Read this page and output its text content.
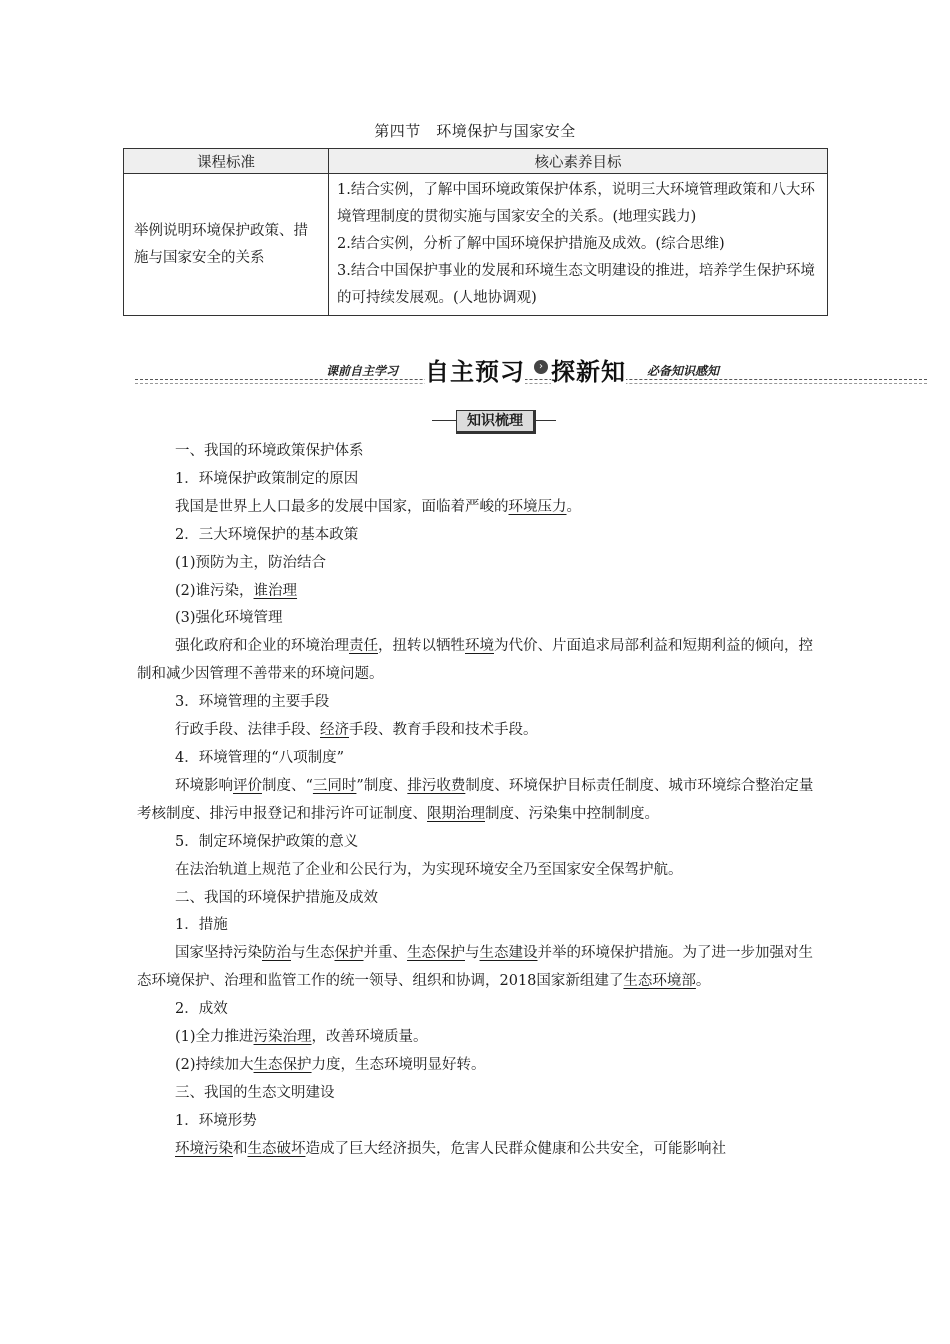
第四节　环境保护与国家安全
课程标准	核心素养目标
举例说明环境保护政策、措施与国家安全的关系	1.结合实例，了解中国环境政策保护体系，说明三大环境管理政策和八大环境管理制度的贯彻实施与国家安全的关系。(地理实践力)

2.结合实例，分析了解中国环境保护措施及成效。(综合思维)

3.结合中国保护事业的发展和环境生态文明建设的推进，培养学生保护环境的可持续发展观。(人地协调观)

课前自主学习 自主预习	› 探新知 必备知识感知
知识梳理

一、我国的环境政策保护体系

1．环境保护政策制定的原因

我国是世界上人口最多的发展中国家，面临着严峻的环境压力。

2．三大环境保护的基本政策

(1)预防为主，防治结合

(2)谁污染，谁治理

(3)强化环境管理

强化政府和企业的环境治理责任，扭转以牺牲环境为代价、片面追求局部利益和短期利益的倾向，控制和减少因管理不善带来的环境问题。

3．环境管理的主要手段

行政手段、法律手段、经济手段、教育手段和技术手段。

4．环境管理的“八项制度”

环境影响评价制度、“三同时”制度、排污收费制度、环境保护目标责任制度、城市环境综合整治定量考核制度、排污申报登记和排污许可证制度、限期治理制度、污染集中控制制度。

5．制定环境保护政策的意义

在法治轨道上规范了企业和公民行为，为实现环境安全乃至国家安全保驾护航。

二、我国的环境保护措施及成效

1．措施

国家坚持污染防治与生态保护并重、生态保护与生态建设并举的环境保护措施。为了进一步加强对生态环境保护、治理和监管工作的统一领导、组织和协调，2018国家新组建了生态环境部。

2．成效

(1)全力推进污染治理，改善环境质量。

(2)持续加大生态保护力度，生态环境明显好转。

三、我国的生态文明建设

1．环境形势

环境污染和生态破坏造成了巨大经济损失，危害人民群众健康和公共安全，可能影响社
